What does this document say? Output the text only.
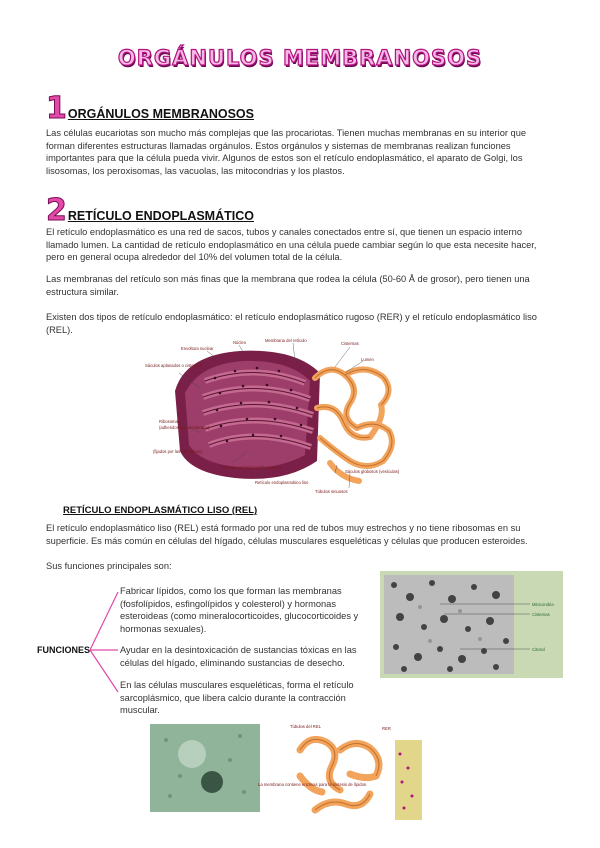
ORGÁNULOS MEMBRANOSOS
1 ORGÁNULOS MEMBRANOSOS

Las células eucariotas son mucho más complejas que las procariotas. Tienen muchas membranas en su interior que forman diferentes estructuras llamadas orgánulos. Estos orgánulos y sistemas de membranas realizan funciones importantes para que la célula pueda vivir. Algunos de estos son el retículo endoplasmático, el aparato de Golgi, los lisosomas, los peroxisomas, las vacuolas, las mitocondrias y los plastos.

2 RETÍCULO ENDOPLASMÁTICO

El retículo endoplasmático es una red de sacos, tubos y canales conectados entre sí, que tienen un espacio interno llamado lumen. La cantidad de retículo endoplasmático en una célula puede cambiar según lo que esta necesite hacer, pero en general ocupa alrededor del 10% del volumen total de la célula.

Las membranas del retículo son más finas que la membrana que rodea la célula (50-60 Å de grosor), pero tienen una estructura similar.

Existen dos tipos de retículo endoplasmático: el retículo endoplasmático rugoso (RER) y el retículo endoplasmático liso (REL).

Envoltura nuclear
Núcleo	Membrana del retículo
Cisternas
Lumen
Sáculos aplanados o cisternas
Ribosomas
(adheridos a la membrana)
(fijados por las riboforinas)
Retículo endoplasmático rugoso
Retículo endoplasmático liso
Sáculos globosos (vesículas)
Túbulos sinuosos
RETÍCULO ENDOPLASMÁTICO LISO (REL)

El retículo endoplasmático liso (REL) está formado por una red de tubos muy estrechos y no tiene ribosomas en su superficie. Es más común en células del hígado, células musculares esqueléticas y células que producen esteroides.

Sus funciones principales son:

FUNCIONES

Fabricar lípidos, como los que forman las membranas (fosfolípidos, esfingolípidos y colesterol) y hormonas esteroideas (como mineralocorticoides, glucocorticoides y hormonas sexuales).

Ayudar en la desintoxicación de sustancias tóxicas en las células del hígado, eliminando sustancias de desecho.

En las células musculares esqueléticas, forma el retículo sarcoplásmico, que libera calcio durante la contracción muscular.

Mitocondria
Cisternas
Citosol
Túbulos del REL	RER
La membrana contiene enzimas para la síntesis de lípidos.
